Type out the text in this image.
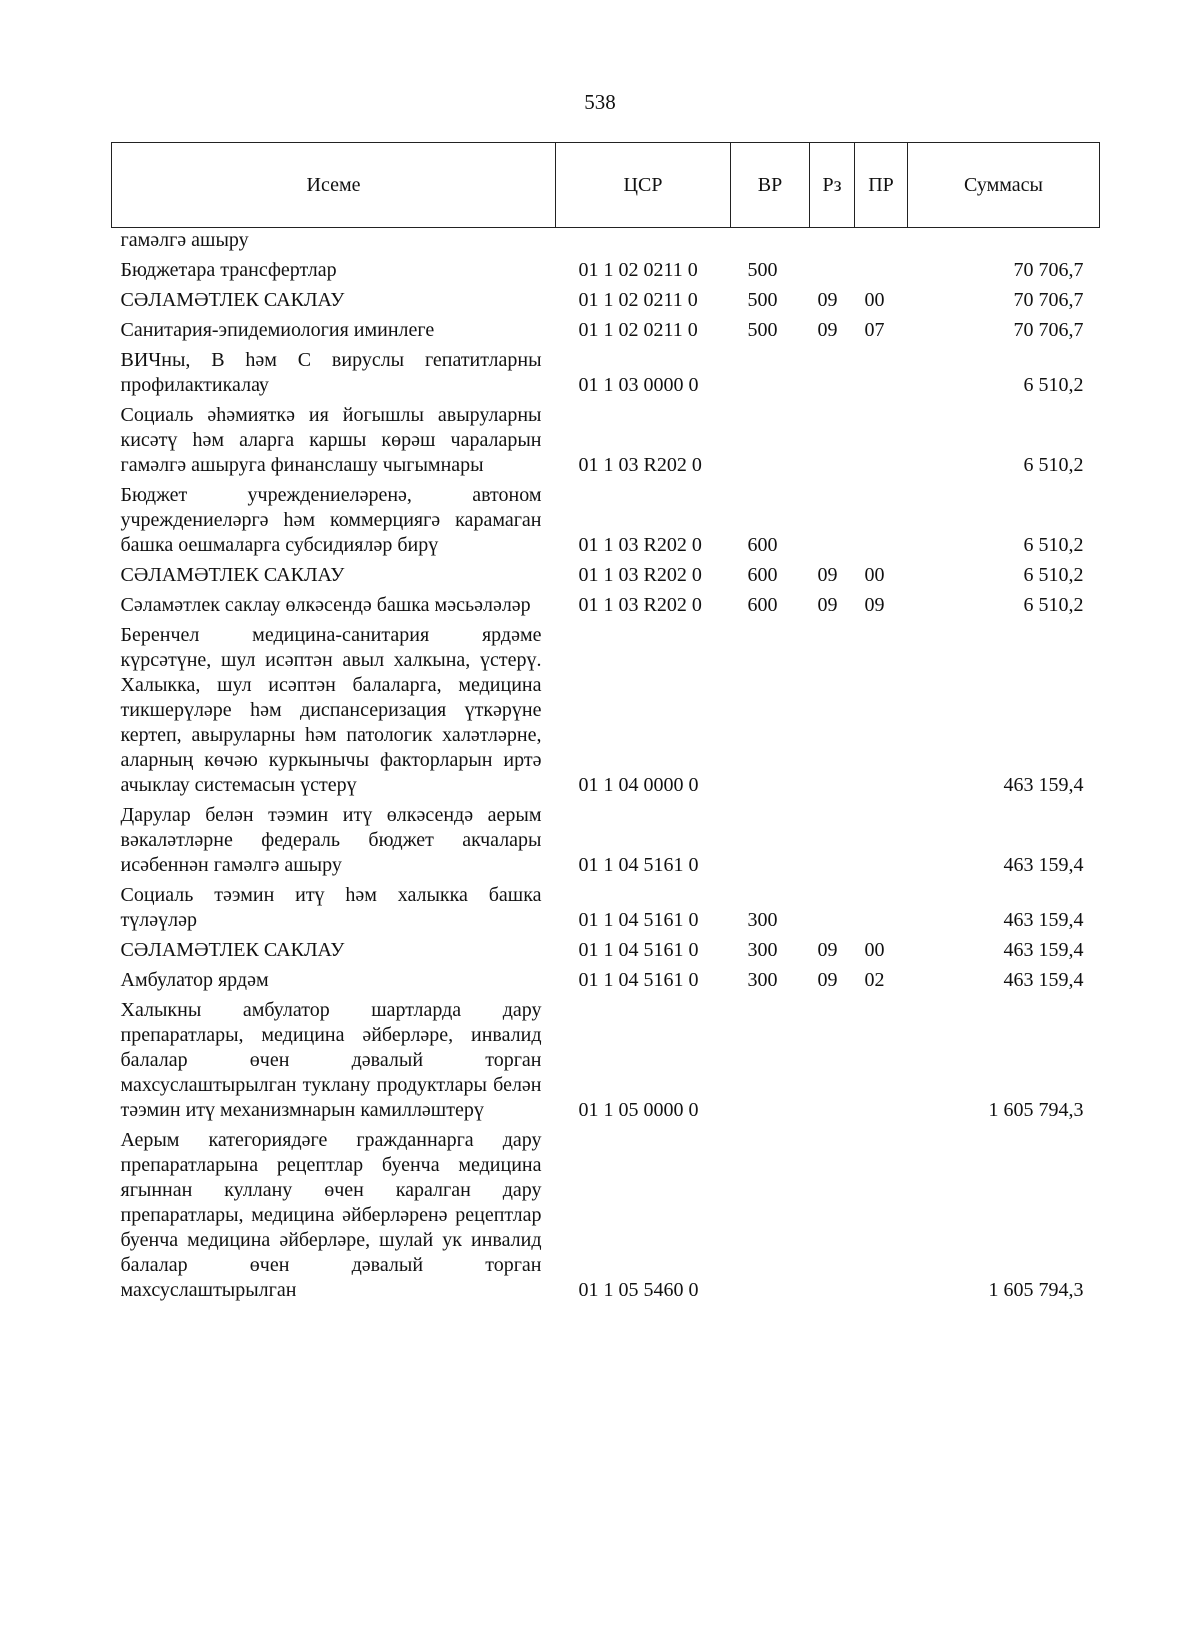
538
Исеме	ЦСР	ВР	Рз	ПР	Суммасы
гамәлгә ашыру					
Бюджетара трансфертлар	01 1 02 0211 0	500			70 706,7
СӘЛАМӘТЛЕК САКЛАУ	01 1 02 0211 0	500	09	00	70 706,7
Санитария-эпидемиология иминлеге	01 1 02 0211 0	500	09	07	70 706,7
ВИЧны, В һәм С вируслы гепатитларны профилактикалау	01 1 03 0000 0				6 510,2
Социаль әһәмияткә ия йогышлы авыруларны кисәтү һәм аларга каршы көрәш чараларын гамәлгә ашыруга финанслашу чыгымнары	01 1 03 R202 0				6 510,2
Бюджет учреждениеләренә, автоном учреждениеләргә һәм коммерциягә карамаган башка оешмаларга субсидияләр бирү	01 1 03 R202 0	600			6 510,2
СӘЛАМӘТЛЕК САКЛАУ	01 1 03 R202 0	600	09	00	6 510,2
Сәламәтлек саклау өлкәсендә башка мәсьәләләр	01 1 03 R202 0	600	09	09	6 510,2
Беренчел медицина-санитария ярдәме күрсәтүне, шул исәптән авыл халкына, үстерү. Халыкка, шул исәптән балаларга, медицина тикшерүләре һәм диспансеризация үткәрүне кертеп, авыруларны һәм патологик халәтләрне, аларның көчәю куркынычы факторларын иртә ачыклау системасын үстерү	01 1 04 0000 0				463 159,4
Дарулар белән тәэмин итү өлкәсендә аерым вәкаләтләрне федераль бюджет акчалары исәбеннән гамәлгә ашыру	01 1 04 5161 0				463 159,4
Социаль тәэмин итү һәм халыкка башка түләүләр	01 1 04 5161 0	300			463 159,4
СӘЛАМӘТЛЕК САКЛАУ	01 1 04 5161 0	300	09	00	463 159,4
Амбулатор ярдәм	01 1 04 5161 0	300	09	02	463 159,4
Халыкны амбулатор шартларда дару препаратлары, медицина әйберләре, инвалид балалар өчен дәвалый торган махсуслаштырылган туклану продуктлары белән тәэмин итү механизмнарын камилләштерү	01 1 05 0000 0				1 605 794,3
Аерым категориядәге гражданнарга дару препаратларына рецептлар буенча медицина ягыннан куллану өчен каралган дару препаратлары, медицина әйберләренә рецептлар буенча медицина әйберләре, шулай ук инвалид балалар өчен дәвалый торган махсуслаштырылган	01 1 05 5460 0				1 605 794,3
